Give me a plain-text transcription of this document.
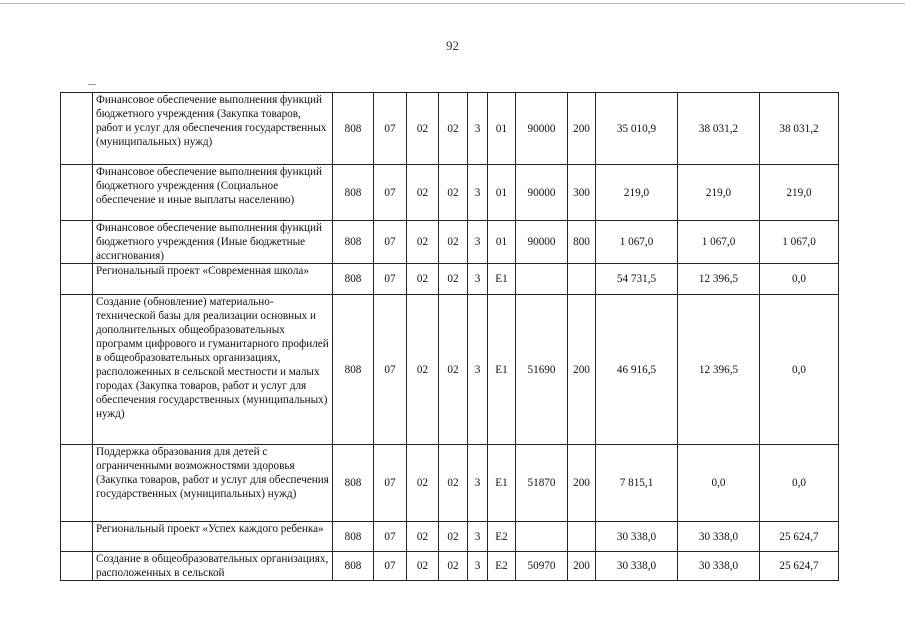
92
	Финансовое обеспечение выполнения функций бюджетного учреждения (Закупка товаров, работ и услуг для обеспечения государственных (муниципальных) нужд)	808	07	02	02	3	01	90000	200	35 010,9	38 031,2	38 031,2
	Финансовое обеспечение выполнения функций бюджетного учреждения (Социальное обеспечение и иные выплаты населению)	808	07	02	02	3	01	90000	300	219,0	219,0	219,0
	Финансовое обеспечение выполнения функций бюджетного учреждения (Иные бюджетные ассигнования)	808	07	02	02	3	01	90000	800	1 067,0	1 067,0	1 067,0
	Региональный проект «Современная школа»	808	07	02	02	3	E1			54 731,5	12 396,5	0,0
	Создание (обновление) материально-технической базы для реализации основных и дополнительных общеобразовательных программ цифрового и гуманитарного профилей в общеобразовательных организациях, расположенных в сельской местности и малых городах (Закупка товаров, работ и услуг для обеспечения государственных (муниципальных) нужд)	808	07	02	02	3	E1	51690	200	46 916,5	12 396,5	0,0
	Поддержка образования для детей с ограниченными возможностями здоровья (Закупка товаров, работ и услуг для обеспечения государственных (муниципальных) нужд)	808	07	02	02	3	E1	51870	200	7 815,1	0,0	0,0
	Региональный проект «Успех каждого ребенка»	808	07	02	02	3	E2			30 338,0	30 338,0	25 624,7
	Создание в общеобразовательных организациях, расположенных в сельской	808	07	02	02	3	E2	50970	200	30 338,0	30 338,0	25 624,7
